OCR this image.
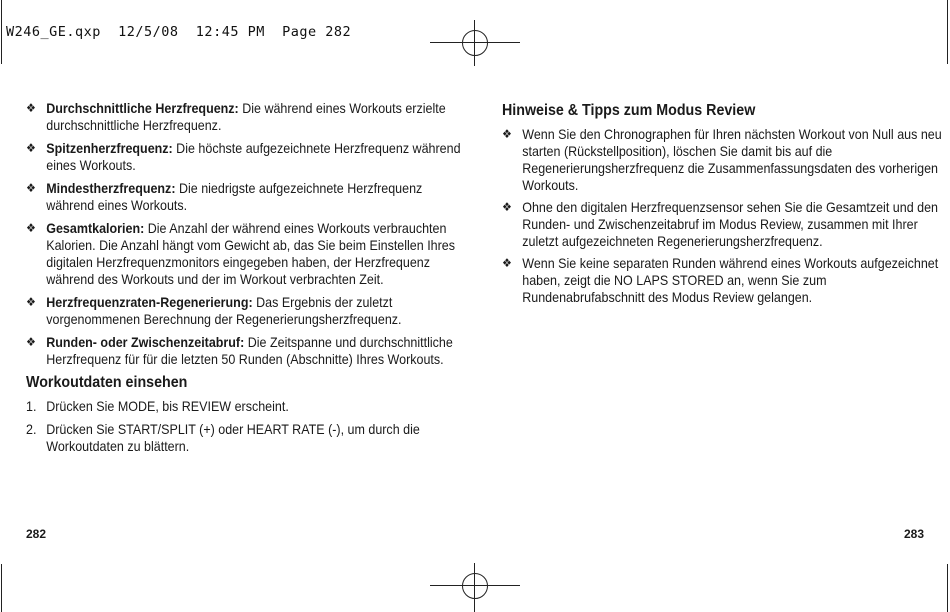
W246_GE.qxp  12/5/08  12:45 PM  Page 282
❖ Durchschnittliche Herzfrequenz: Die während eines Workouts erzielte durchschnittliche Herzfrequenz.
❖ Spitzenherzfrequenz: Die höchste aufgezeichnete Herzfrequenz während eines Workouts.
❖ Mindestherzfrequenz: Die niedrigste aufgezeichnete Herzfrequenz während eines Workouts.
❖ Gesamtkalorien: Die Anzahl der während eines Workouts verbrauchten Kalorien. Die Anzahl hängt vom Gewicht ab, das Sie beim Einstellen Ihres digitalen Herzfrequenzmonitors eingegeben haben, der Herzfrequenz während des Workouts und der im Workout verbrachten Zeit.
❖ Herzfrequenzraten-Regenerierung: Das Ergebnis der zuletzt vorgenommenen Berechnung der Regenerierungsherzfrequenz.
❖ Runden- oder Zwischenzeitabruf: Die Zeitspanne und durchschnittliche Herzfrequenz für für die letzten 50 Runden (Abschnitte) Ihres Workouts.
Workoutdaten einsehen
1. Drücken Sie MODE, bis REVIEW erscheint.
2. Drücken Sie START/SPLIT (+) oder HEART RATE (-), um durch die Workoutdaten zu blättern.
282
Hinweise & Tipps zum Modus Review
❖ Wenn Sie den Chronographen für Ihren nächsten Workout von Null aus neu starten (Rückstellposition), löschen Sie damit bis auf die Regenerierungsherzfrequenz die Zusammenfassungsdaten des vorherigen Workouts.
❖ Ohne den digitalen Herzfrequenzsensor sehen Sie die Gesamtzeit und den Runden- und Zwischenzeitabruf im Modus Review, zusammen mit Ihrer zuletzt aufgezeichneten Regenerierungsherzfrequenz.
❖ Wenn Sie keine separaten Runden während eines Workouts aufgezeichnet haben, zeigt die NO LAPS STORED an, wenn Sie zum Rundenabrufabschnitt des Modus Review gelangen.
283
